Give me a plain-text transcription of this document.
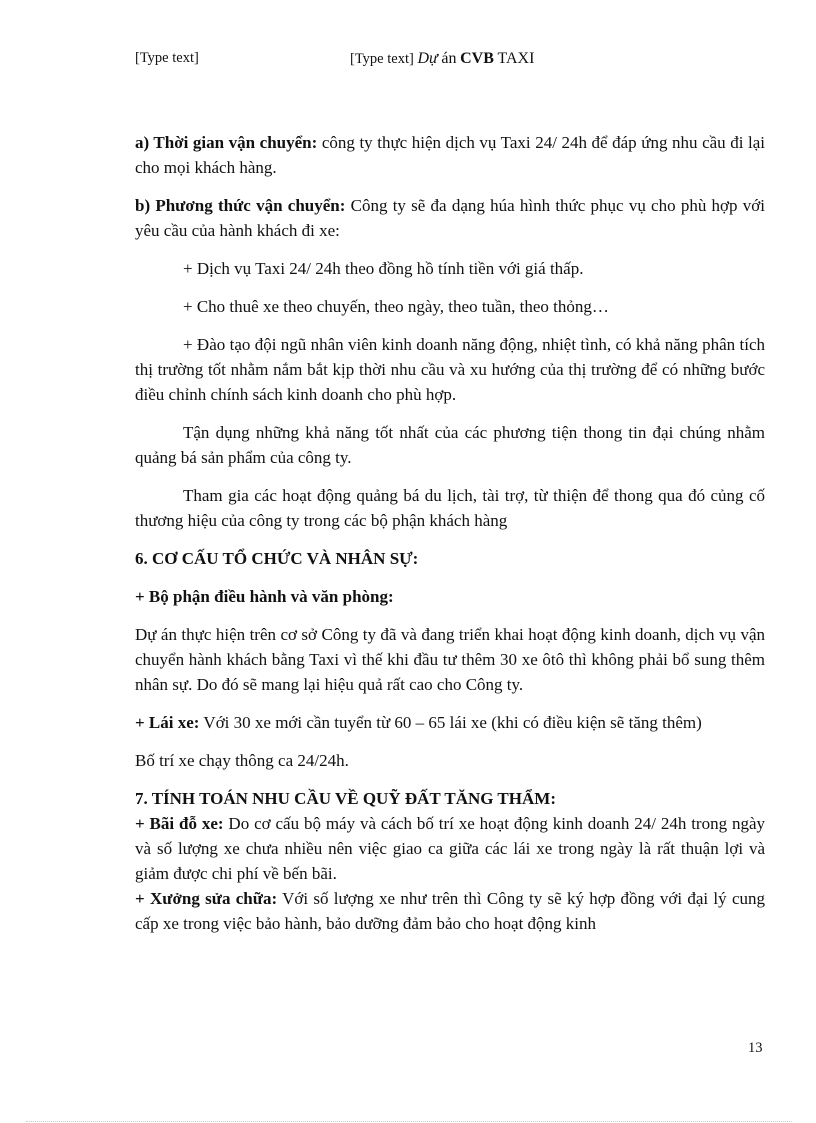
[Type text]	[Type text] Dự án CVB TAXI

a) Thời gian vận chuyển: công ty thực hiện dịch vụ Taxi 24/ 24h để đáp ứng nhu cầu đi lại cho mọi khách hàng.

b) Phương thức vận chuyển: Công ty sẽ đa dạng húa hình thức phục vụ cho phù hợp với yêu cầu của hành khách đi xe:

+ Dịch vụ Taxi 24/ 24h theo đồng hồ tính tiền với giá thấp.

+ Cho thuê xe theo chuyến, theo ngày, theo tuần, theo thỏng…

+ Đào tạo đội ngũ nhân viên kinh doanh năng động, nhiệt tình, có khả năng phân tích thị trường tốt nhằm nắm bắt kịp thời nhu cầu và xu hướng của thị trường để có những bước điều chỉnh chính sách kinh doanh cho phù hợp.

Tận dụng những khả năng tốt nhất của các phương tiện thong tin đại chúng nhằm quảng bá sản phẩm của công ty.

Tham gia các hoạt động quảng bá du lịch, tài trợ, từ thiện để thong qua đó củng cố thương hiệu của công ty trong các bộ phận khách hàng

6. CƠ CẤU TỔ CHỨC VÀ NHÂN SỰ:

+ Bộ phận điều hành và văn phòng:

Dự án thực hiện trên cơ sở Công ty đã và đang triển khai hoạt động kinh doanh, dịch vụ vận chuyển hành khách bằng Taxi vì thế khi đầu tư thêm 30 xe ôtô thì không phải bổ sung thêm nhân sự. Do đó sẽ mang lại hiệu quả rất cao cho Công ty.

+ Lái xe: Với 30 xe mới cần tuyển từ 60 – 65 lái xe (khi có điều kiện sẽ tăng thêm)

Bố trí xe chạy thông ca 24/24h.

7. TÍNH TOÁN NHU CẦU VỀ QUỸ ĐẤT TĂNG THẨM:

+ Bãi đỗ xe: Do cơ cấu bộ máy và cách bố trí xe hoạt động kinh doanh 24/ 24h trong ngày và số lượng xe chưa nhiều nên việc giao ca giữa các lái xe trong ngày là rất thuận lợi và giảm được chi phí về bến bãi.

+ Xưởng sửa chữa: Với số lượng xe như trên thì Công ty sẽ ký hợp đồng với đại lý cung cấp xe trong việc bảo hành, bảo dưỡng đảm bảo cho hoạt động kinh

13
